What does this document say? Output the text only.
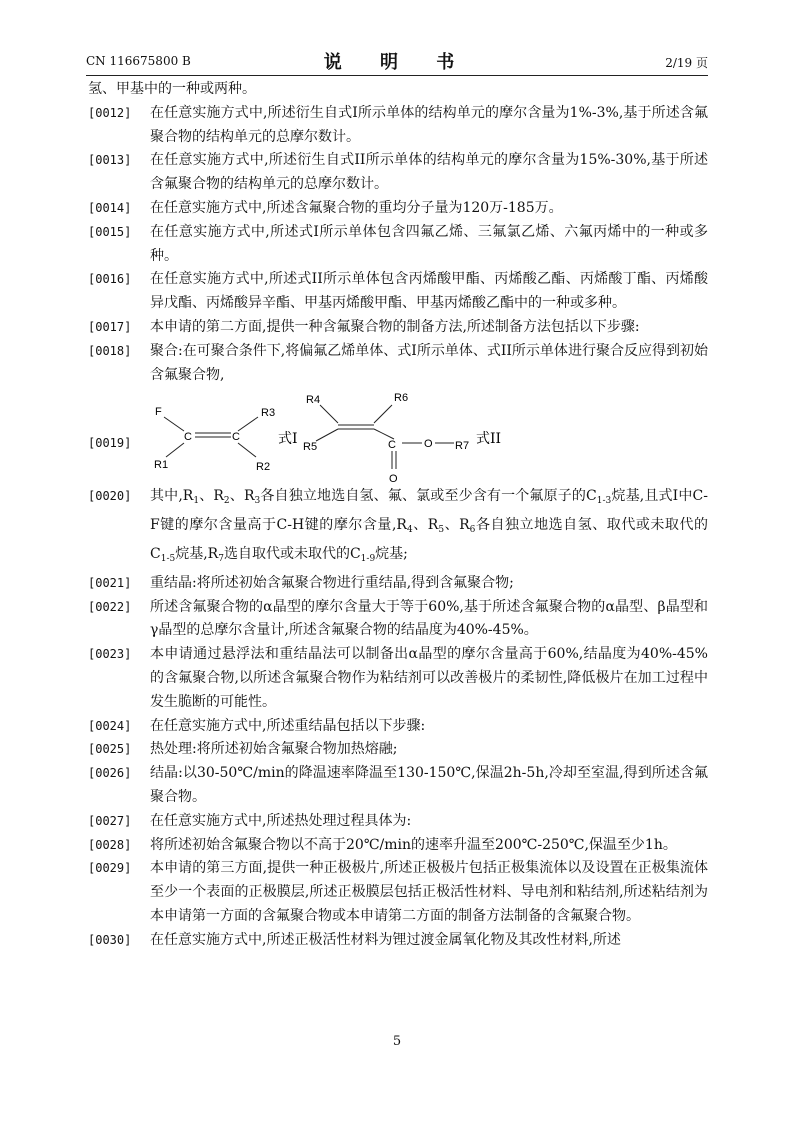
CN 116675800 B	说 明 书	2/19 页
氢、甲基中的一种或两种。
[0012] 在任意实施方式中,所述衍生自式I所示单体的结构单元的摩尔含量为1%-3%,基于所述含氟聚合物的结构单元的总摩尔数计。
[0013] 在任意实施方式中,所述衍生自式II所示单体的结构单元的摩尔含量为15%-30%,基于所述含氟聚合物的结构单元的总摩尔数计。
[0014] 在任意实施方式中,所述含氟聚合物的重均分子量为120万-185万。
[0015] 在任意实施方式中,所述式I所示单体包含四氟乙烯、三氟氯乙烯、六氟丙烯中的一种或多种。
[0016] 在任意实施方式中,所述式II所示单体包含丙烯酸甲酯、丙烯酸乙酯、丙烯酸丁酯、丙烯酸异戊酯、丙烯酸异辛酯、甲基丙烯酸甲酯、甲基丙烯酸乙酯中的一种或多种。
[0017] 本申请的第二方面,提供一种含氟聚合物的制备方法,所述制备方法包括以下步骤:
[0018] 聚合:在可聚合条件下,将偏氟乙烯单体、式I所示单体、式II所示单体进行聚合反应得到初始含氟聚合物,
[0019]
F	R3
C	C
R1	R2
式I
R4	R6
R5	C	O R7
O
式II
[0020] 其中$,R_1$、$R_2$、$R_3$各自独立地选自氢、氟、氯或至少含有一个氟原子的$C_{1-3}$烷基,且式I中C-F键的摩尔含量高于C-H键的摩尔含量$,R_4$、$R_5$、$R_6$各自独立地选自氢、取代或未取代的$C_{1-5}$烷基$,R_7$选自取代或未取代的$C_{1-9}$烷基;
[0021] 重结晶:将所述初始含氟聚合物进行重结晶,得到含氟聚合物;
[0022] 所述含氟聚合物的α晶型的摩尔含量大于等于60%,基于所述含氟聚合物的α晶型、β晶型和γ晶型的总摩尔含量计,所述含氟聚合物的结晶度为40%-45%。
[0023] 本申请通过悬浮法和重结晶法可以制备出α晶型的摩尔含量高于60%,结晶度为40%-45%的含氟聚合物,以所述含氟聚合物作为粘结剂可以改善极片的柔韧性,降低极片在加工过程中发生脆断的可能性。
[0024] 在任意实施方式中,所述重结晶包括以下步骤:
[0025] 热处理:将所述初始含氟聚合物加热熔融;
[0026] 结晶:以30-50℃/min的降温速率降温至130-150℃,保温2h-5h,冷却至室温,得到所述含氟聚合物。
[0027] 在任意实施方式中,所述热处理过程具体为:
[0028] 将所述初始含氟聚合物以不高于20℃/min的速率升温至200℃-250℃,保温至少1h。
[0029] 本申请的第三方面,提供一种正极极片,所述正极极片包括正极集流体以及设置在正极集流体至少一个表面的正极膜层,所述正极膜层包括正极活性材料、导电剂和粘结剂,所述粘结剂为本申请第一方面的含氟聚合物或本申请第二方面的制备方法制备的含氟聚合物。
[0030] 在任意实施方式中,所述正极活性材料为锂过渡金属氧化物及其改性材料,所述
5
